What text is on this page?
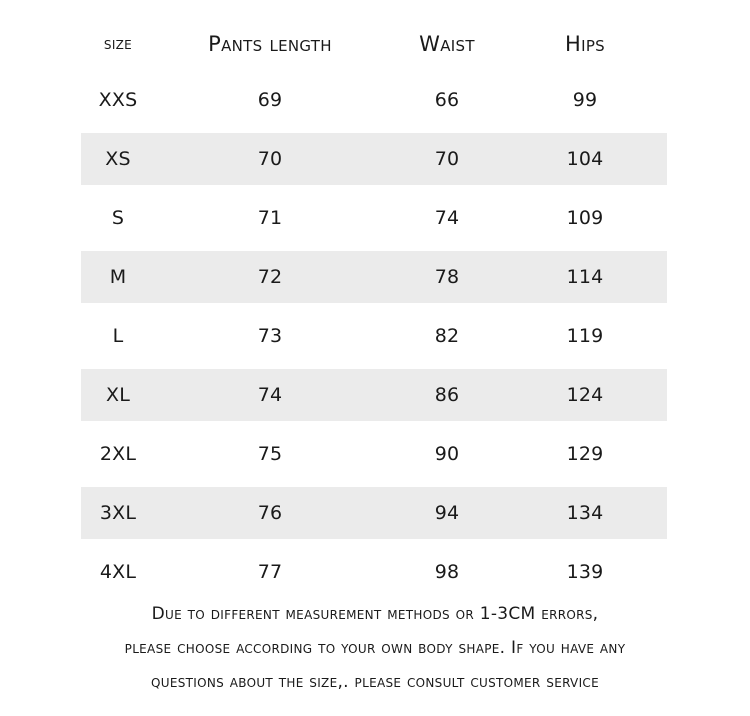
size	Pants length	Waist	Hips
XXS	69	66	99
XS	70	70	104
S	71	74	109
M	72	78	114
L	73	82	119
XL	74	86	124
2XL	75	90	129
3XL	76	94	134
4XL	77	98	139
Due to different measurement methods or 1-3CM errors,
please choose according to your own body shape. If you have any
questions about the size,. please consult customer service
